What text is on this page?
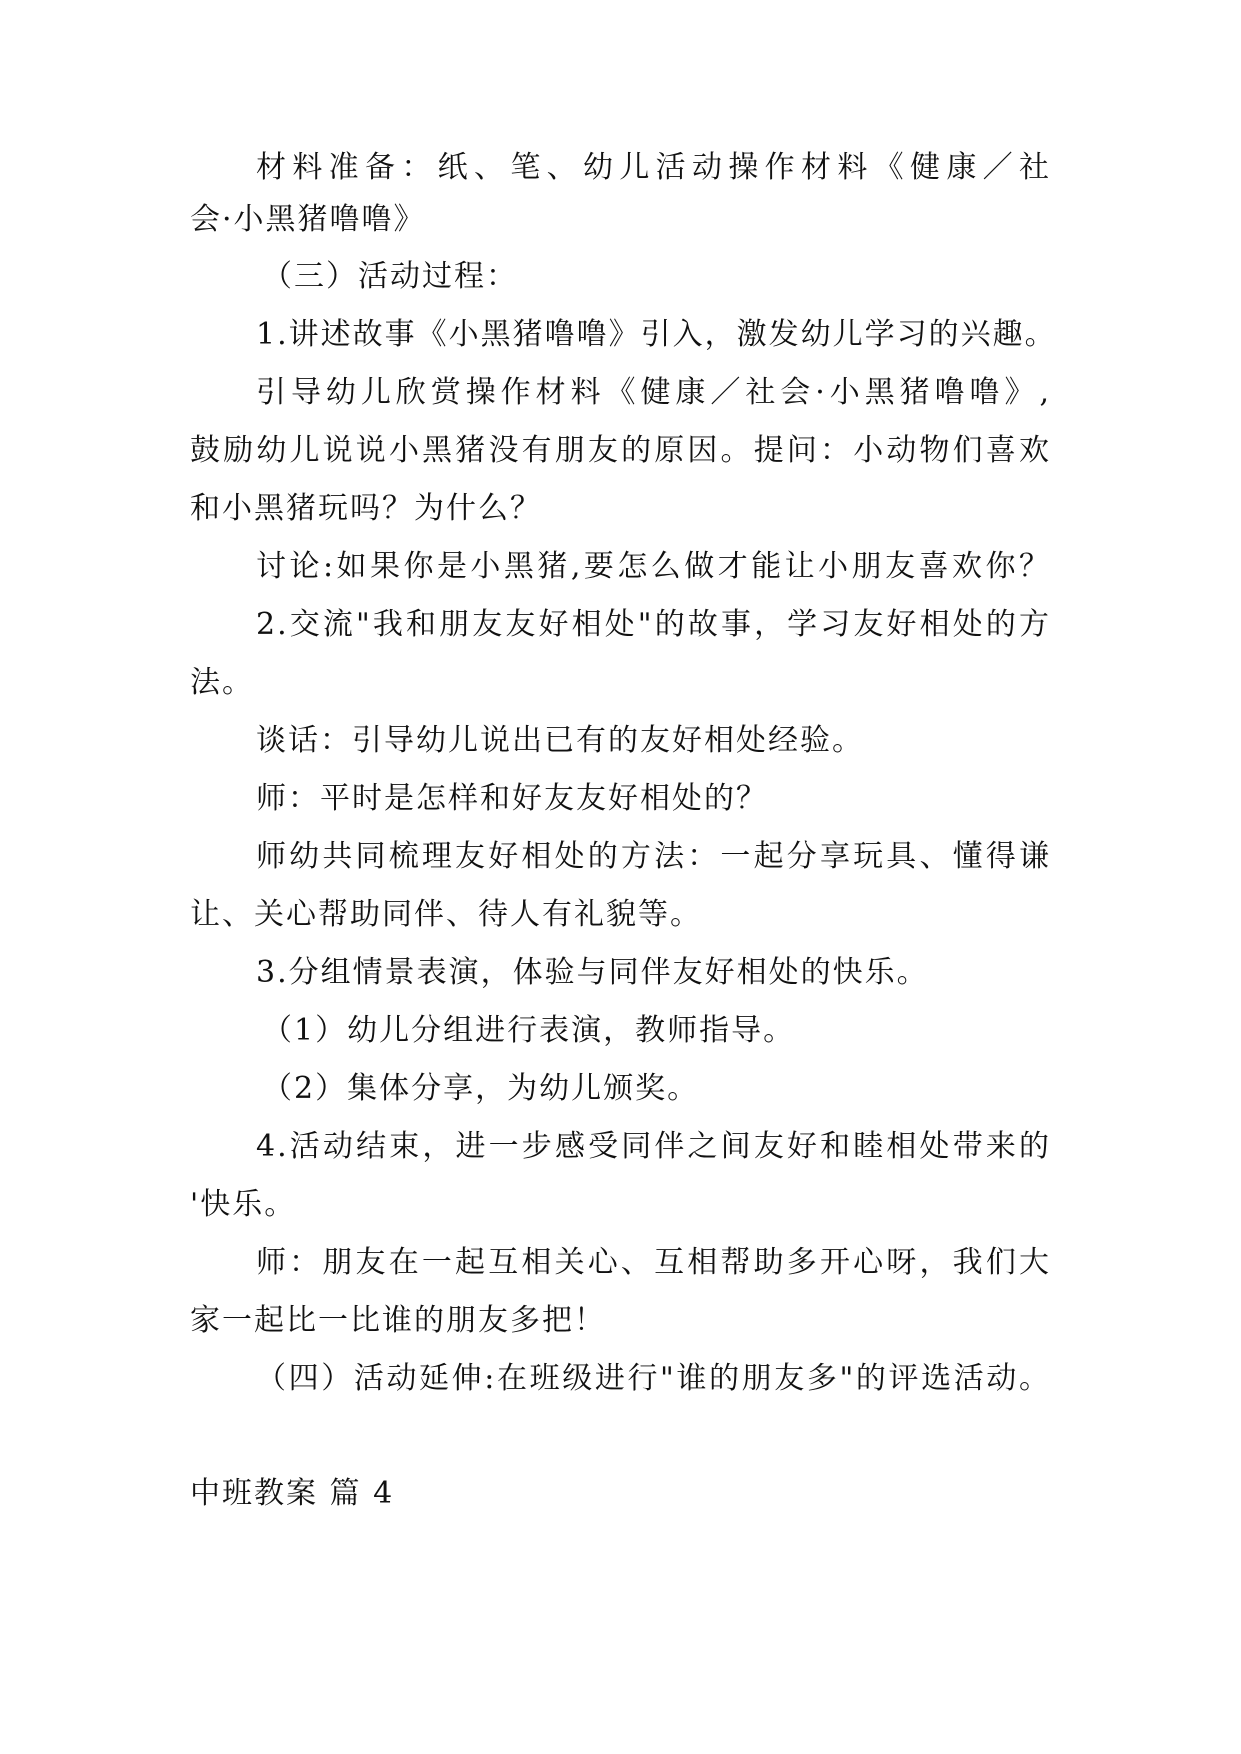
材料准备：纸、笔、幼儿活动操作材料《健康／社
会·小黑猪噜噜》
（三）活动过程：
1.讲述故事《小黑猪噜噜》引入，激发幼儿学习的兴趣。
引导幼儿欣赏操作材料《健康／社会·小黑猪噜噜》,
鼓励幼儿说说小黑猪没有朋友的原因。提问：小动物们喜欢
和小黑猪玩吗？为什么？
讨论:如果你是小黑猪,要怎么做才能让小朋友喜欢你？
2.交流"我和朋友友好相处"的故事，学习友好相处的方
法。
谈话：引导幼儿说出已有的友好相处经验。
师：平时是怎样和好友友好相处的？
师幼共同梳理友好相处的方法：一起分享玩具、懂得谦
让、关心帮助同伴、待人有礼貌等。
3.分组情景表演，体验与同伴友好相处的快乐。
（1）幼儿分组进行表演，教师指导。
（2）集体分享，为幼儿颁奖。
4.活动结束，进一步感受同伴之间友好和睦相处带来的
'快乐。
师：朋友在一起互相关心、互相帮助多开心呀，我们大
家一起比一比谁的朋友多把！
（四）活动延伸:在班级进行"谁的朋友多"的评选活动。
中班教案 篇 4
